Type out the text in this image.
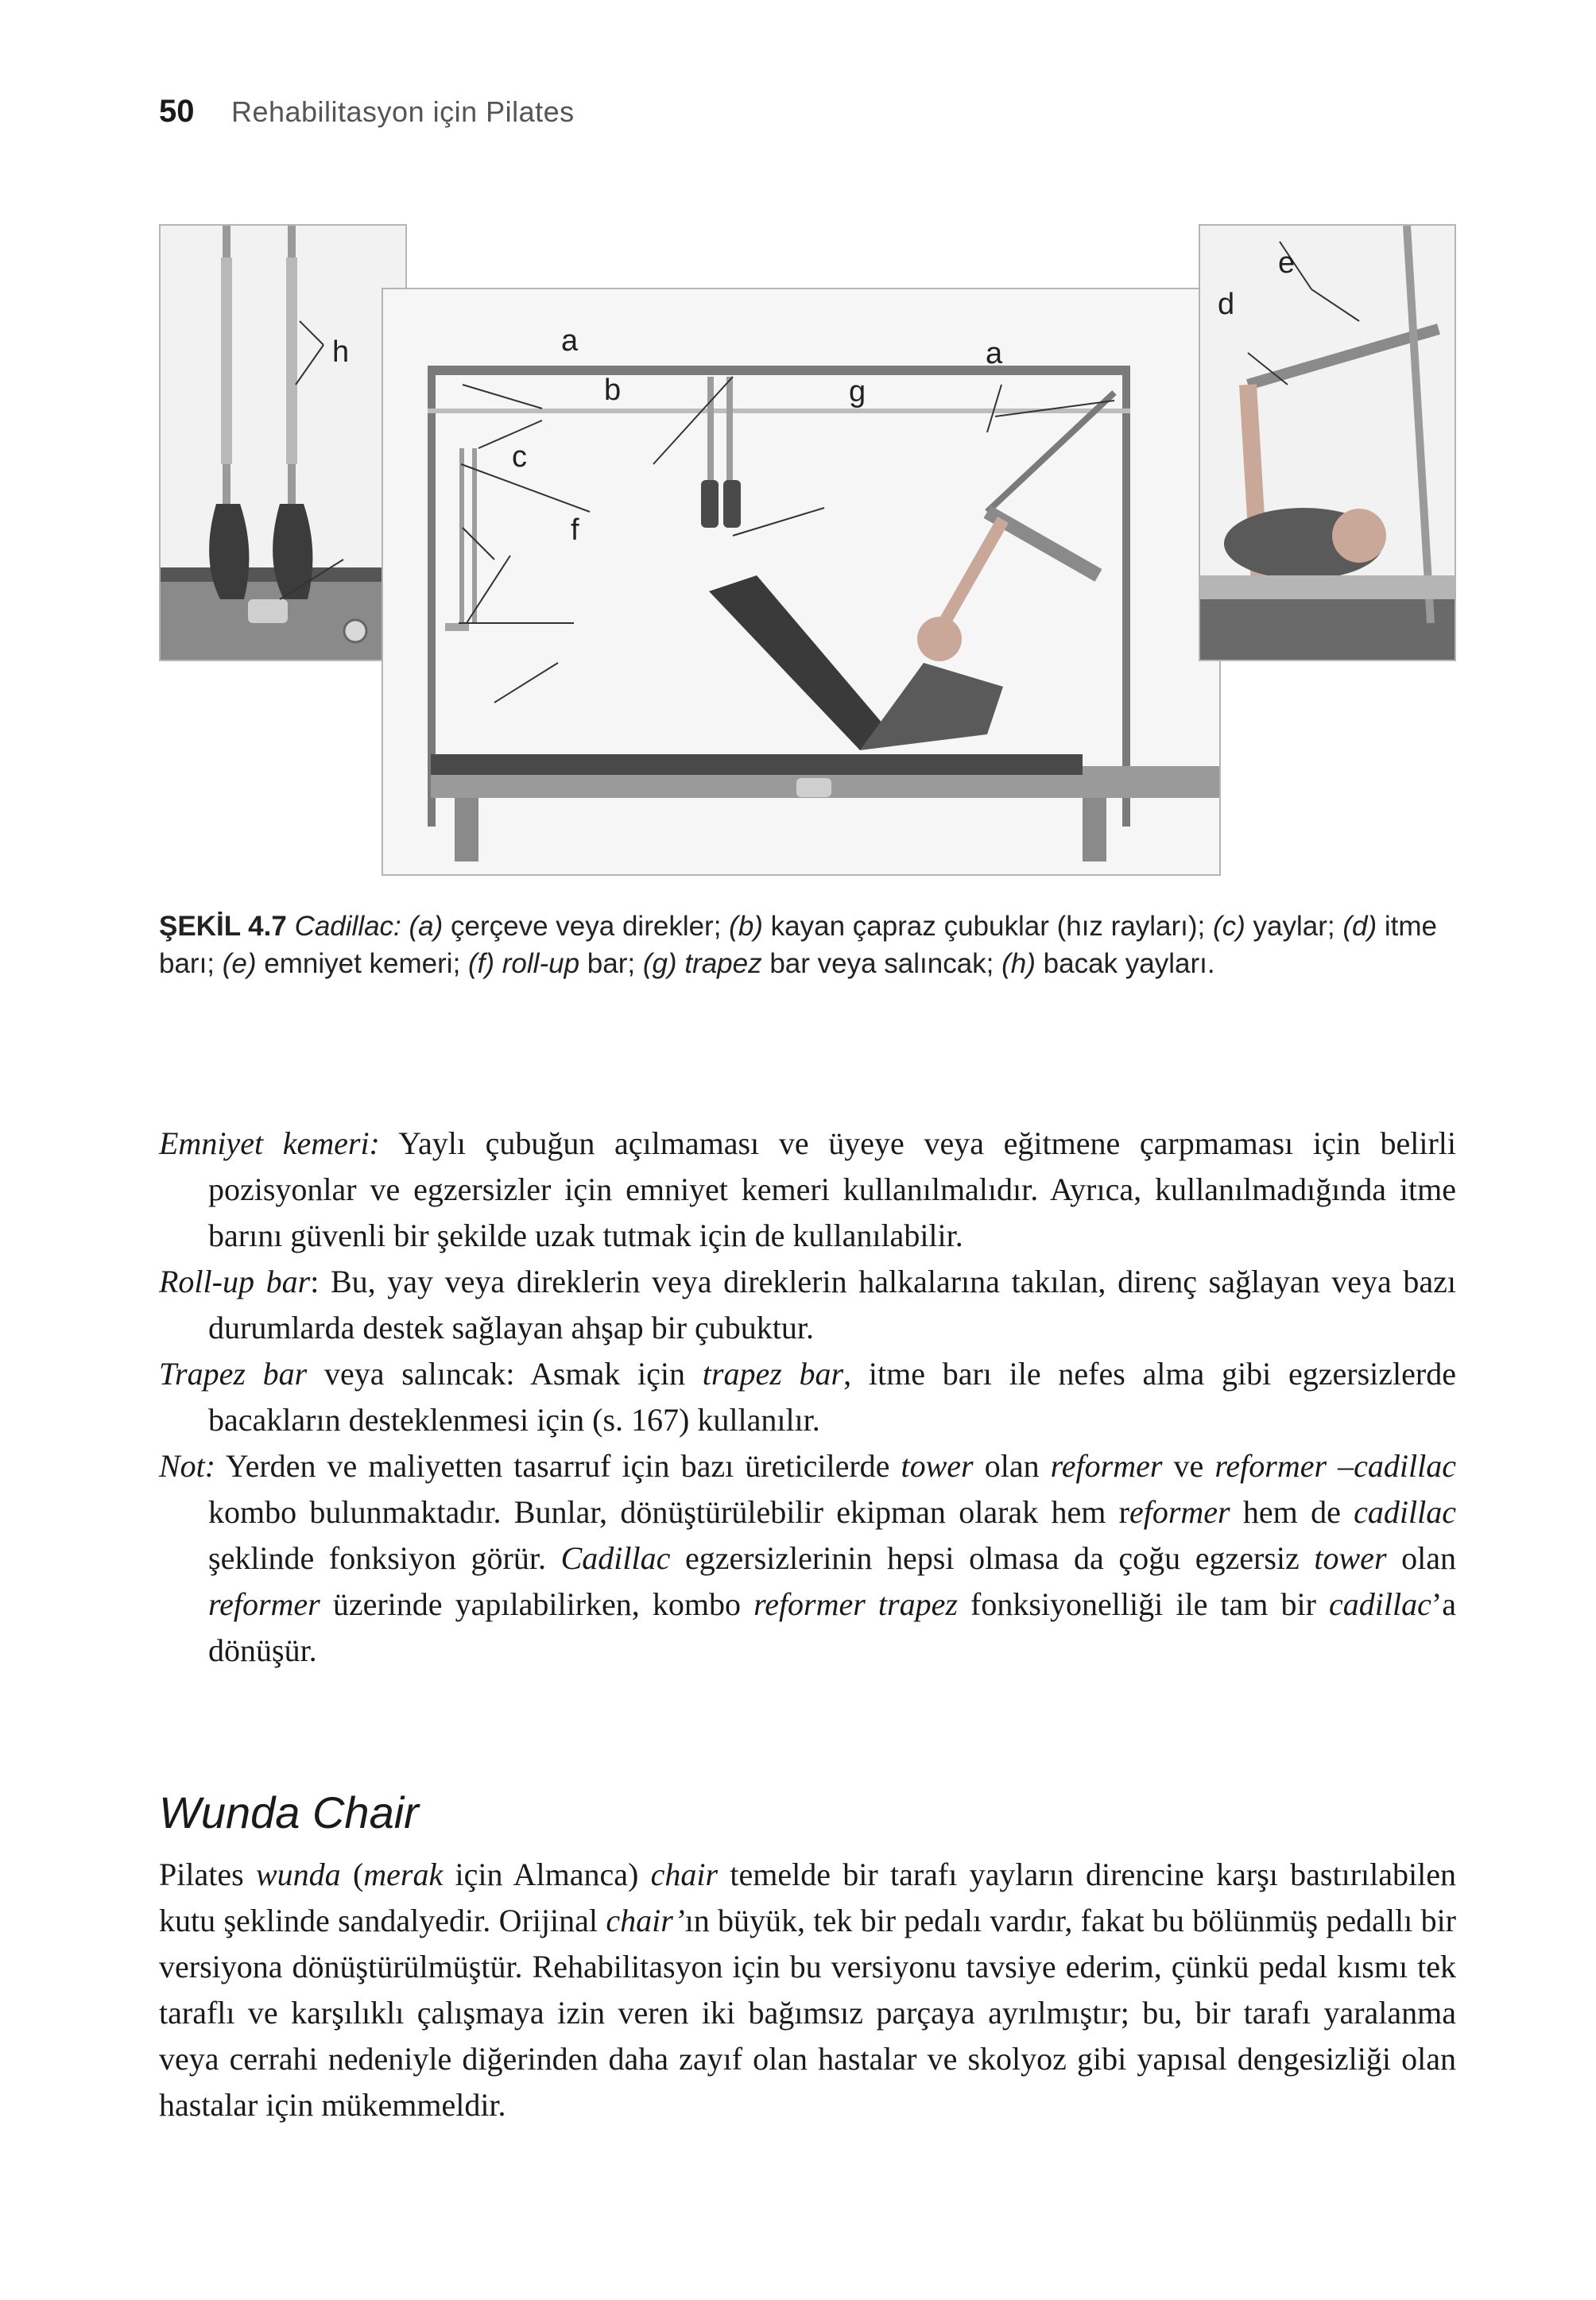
50 Rehabilitasyon için Pilates
h	a
b	g
a
c
f
d
e
ŞEKİL 4.7 Cadillac: (a) çerçeve veya direkler; (b) kayan çapraz çubuklar (hız rayları); (c) yaylar; (d) itme barı; (e) emniyet kemeri; (f) roll-up bar; (g) trapez bar veya salıncak; (h) bacak yayları.

Emniyet kemeri: Yaylı çubuğun açılmaması ve üyeye veya eğitmene çarpmaması için belirli pozisyonlar ve egzersizler için emniyet kemeri kullanılmalıdır. Ayrıca, kullanılmadığında itme barını güvenli bir şekilde uzak tutmak için de kullanılabilir.

Roll-up bar: Bu, yay veya direklerin veya direklerin halkalarına takılan, direnç sağlayan veya bazı durumlarda destek sağlayan ahşap bir çubuktur.

Trapez bar veya salıncak: Asmak için trapez bar, itme barı ile nefes alma gibi egzersizlerde bacakların desteklenmesi için (s. 167) kullanılır.

Not: Yerden ve maliyetten tasarruf için bazı üreticilerde tower olan reformer ve reformer –cadillac kombo bulunmaktadır. Bunlar, dönüştürülebilir ekipman olarak hem reformer hem de cadillac şeklinde fonksiyon görür. Cadillac egzersizlerinin hepsi olmasa da çoğu egzersiz tower olan reformer üzerinde yapılabilirken, kombo reformer trapez fonksiyonelliği ile tam bir cadillac’a dönüşür.

Wunda Chair

Pilates wunda (merak için Almanca) chair temelde bir tarafı yayların direncine karşı bastırılabilen kutu şeklinde sandalyedir. Orijinal chair’ın büyük, tek bir pedalı vardır, fakat bu bölünmüş pedallı bir versiyona dönüştürülmüştür. Rehabilitasyon için bu versiyonu tavsiye ederim, çünkü pedal kısmı tek taraflı ve karşılıklı çalışmaya izin veren iki bağımsız parçaya ayrılmıştır; bu, bir tarafı yaralanma veya cerrahi nedeniyle diğerinden daha zayıf olan hastalar ve skolyoz gibi yapısal dengesizliği olan hastalar için mükemmeldir.
